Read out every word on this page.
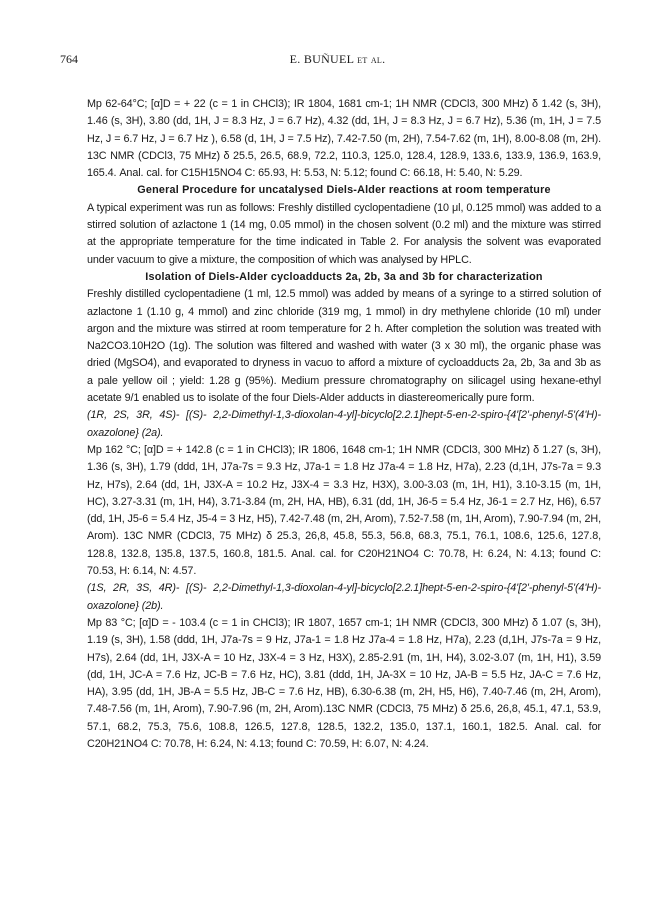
764	E. BUÑUEL et al.

Mp 62-64°C; [α]D = + 22 (c = 1 in CHCl3); IR 1804, 1681 cm-1; 1H NMR (CDCl3, 300 MHz) δ 1.42 (s, 3H), 1.46 (s, 3H), 3.80 (dd, 1H, J = 8.3 Hz, J = 6.7 Hz), 4.32 (dd, 1H, J = 8.3 Hz, J = 6.7 Hz), 5.36 (m, 1H, J = 7.5 Hz, J = 6.7 Hz, J = 6.7 Hz ), 6.58 (d, 1H, J = 7.5 Hz), 7.42-7.50 (m, 2H), 7.54-7.62 (m, 1H), 8.00-8.08 (m, 2H). 13C NMR (CDCl3, 75 MHz) δ 25.5, 26.5, 68.9, 72.2, 110.3, 125.0, 128.4, 128.9, 133.6, 133.9, 136.9, 163.9, 165.4. Anal. cal. for C15H15NO4 C: 65.93, H: 5.53, N: 5.12; found C: 66.18, H: 5.40, N: 5.29.

General Procedure for uncatalysed Diels-Alder reactions at room temperature

A typical experiment was run as follows: Freshly distilled cyclopentadiene (10 μl, 0.125 mmol) was added to a stirred solution of azlactone 1 (14 mg, 0.05 mmol) in the chosen solvent (0.2 ml) and the mixture was stirred at the appropriate temperature for the time indicated in Table 2. For analysis the solvent was evaporated under vacuum to give a mixture, the composition of which was analysed by HPLC.

Isolation of Diels-Alder cycloadducts 2a, 2b, 3a and 3b for characterization

Freshly distilled cyclopentadiene (1 ml, 12.5 mmol) was added by means of a syringe to a stirred solution of azlactone 1 (1.10 g, 4 mmol) and zinc chloride (319 mg, 1 mmol) in dry methylene chloride (10 ml) under argon and the mixture was stirred at room temperature for 2 h. After completion the solution was treated with Na2CO3.10H2O (1g). The solution was filtered and washed with water (3 x 30 ml), the organic phase was dried (MgSO4), and evaporated to dryness in vacuo to afford a mixture of cycloadducts 2a, 2b, 3a and 3b as a pale yellow oil ; yield: 1.28 g (95%). Medium pressure chromatography on silicagel using hexane-ethyl acetate 9/1 enabled us to isolate of the four Diels-Alder adducts in diastereomerically pure form.

(1R, 2S, 3R, 4S)- [(S)- 2,2-Dimethyl-1,3-dioxolan-4-yl]-bicyclo[2.2.1]hept-5-en-2-spiro-{4'[2'-phenyl-5'(4'H)-oxazolone} (2a).

Mp 162 °C; [α]D = + 142.8 (c = 1 in CHCl3); IR 1806, 1648 cm-1; 1H NMR (CDCl3, 300 MHz) δ 1.27 (s, 3H), 1.36 (s, 3H), 1.79 (ddd, 1H, J7a-7s = 9.3 Hz, J7a-1 = 1.8 Hz J7a-4 = 1.8 Hz, H7a), 2.23 (d,1H, J7s-7a = 9.3 Hz, H7s), 2.64 (dd, 1H, J3X-A = 10.2 Hz, J3X-4 = 3.3 Hz, H3X), 3.00-3.03 (m, 1H, H1), 3.10-3.15 (m, 1H, HC), 3.27-3.31 (m, 1H, H4), 3.71-3.84 (m, 2H, HA, HB), 6.31 (dd, 1H, J6-5 = 5.4 Hz, J6-1 = 2.7 Hz, H6), 6.57 (dd, 1H, J5-6 = 5.4 Hz, J5-4 = 3 Hz, H5), 7.42-7.48 (m, 2H, Arom), 7.52-7.58 (m, 1H, Arom), 7.90-7.94 (m, 2H, Arom). 13C NMR (CDCl3, 75 MHz) δ 25.3, 26,8, 45.8, 55.3, 56.8, 68.3, 75.1, 76.1, 108.6, 125.6, 127.8, 128.8, 132.8, 135.8, 137.5, 160.8, 181.5. Anal. cal. for C20H21NO4 C: 70.78, H: 6.24, N: 4.13; found C: 70.53, H: 6.14, N: 4.57.

(1S, 2R, 3S, 4R)- [(S)- 2,2-Dimethyl-1,3-dioxolan-4-yl]-bicyclo[2.2.1]hept-5-en-2-spiro-{4'[2'-phenyl-5'(4'H)-oxazolone} (2b).

Mp 83 °C; [α]D = - 103.4 (c = 1 in CHCl3); IR 1807, 1657 cm-1; 1H NMR (CDCl3, 300 MHz) δ 1.07 (s, 3H), 1.19 (s, 3H), 1.58 (ddd, 1H, J7a-7s = 9 Hz, J7a-1 = 1.8 Hz J7a-4 = 1.8 Hz, H7a), 2.23 (d,1H, J7s-7a = 9 Hz, H7s), 2.64 (dd, 1H, J3X-A = 10 Hz, J3X-4 = 3 Hz, H3X), 2.85-2.91 (m, 1H, H4), 3.02-3.07 (m, 1H, H1), 3.59 (dd, 1H, JC-A = 7.6 Hz, JC-B = 7.6 Hz, HC), 3.81 (ddd, 1H, JA-3X = 10 Hz, JA-B = 5.5 Hz, JA-C = 7.6 Hz, HA), 3.95 (dd, 1H, JB-A = 5.5 Hz, JB-C = 7.6 Hz, HB), 6.30-6.38 (m, 2H, H5, H6), 7.40-7.46 (m, 2H, Arom), 7.48-7.56 (m, 1H, Arom), 7.90-7.96 (m, 2H, Arom).13C NMR (CDCl3, 75 MHz) δ 25.6, 26,8, 45.1, 47.1, 53.9, 57.1, 68.2, 75.3, 75.6, 108.8, 126.5, 127.8, 128.5, 132.2, 135.0, 137.1, 160.1, 182.5. Anal. cal. for C20H21NO4 C: 70.78, H: 6.24, N: 4.13; found C: 70.59, H: 6.07, N: 4.24.
